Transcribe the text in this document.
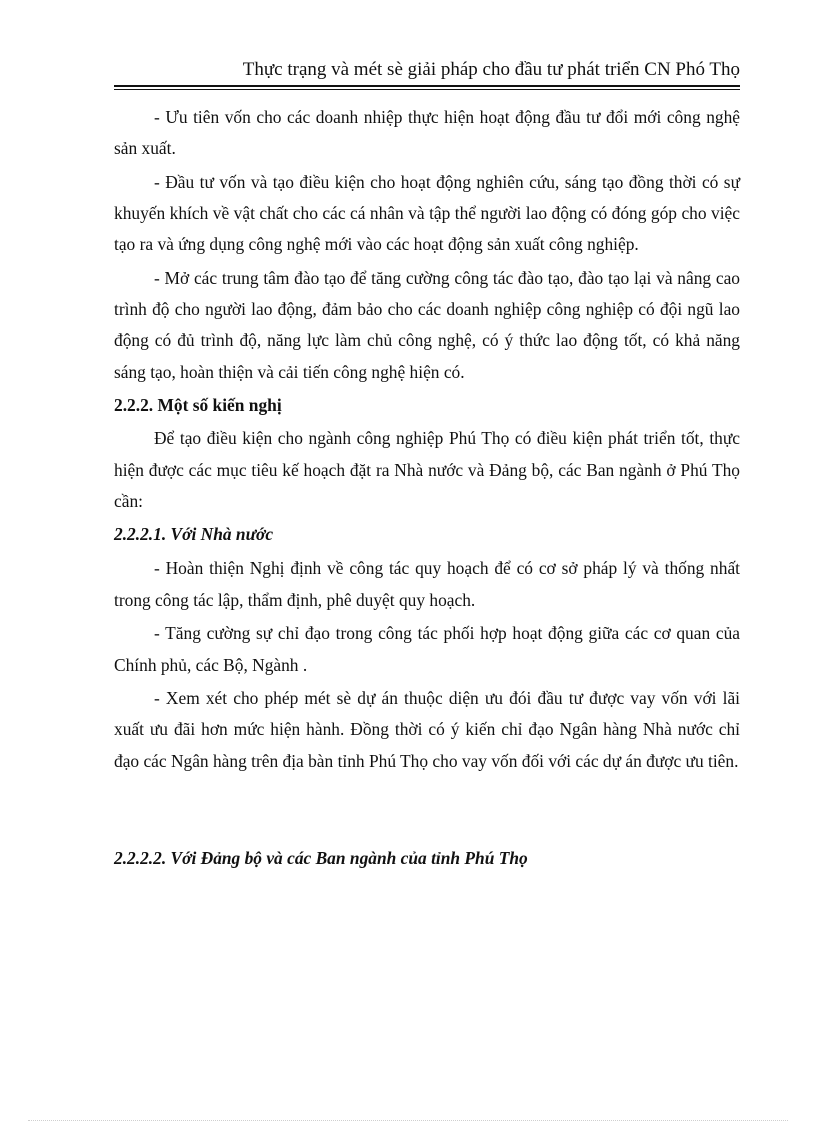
Thực trạng và mét sè giải pháp cho đầu tư phát triển CN Phó Thọ

- Ưu tiên vốn cho các doanh nhiệp thực hiện hoạt động đầu tư đổi mới công nghệ sản xuất.

- Đầu tư vốn và tạo điều kiện cho hoạt động nghiên cứu, sáng tạo đồng thời có sự khuyến khích về vật chất cho các cá nhân và tập thể người lao động có đóng góp cho việc tạo ra và ứng dụng công nghệ mới vào các hoạt động sản xuất công nghiệp.

- Mở các trung tâm đào tạo để tăng cường công tác đào tạo, đào tạo lại và nâng cao trình độ cho người lao động, đảm bảo cho các doanh nghiệp công nghiệp có đội ngũ lao động có đủ trình độ, năng lực làm chủ công nghệ, có ý thức lao động tốt, có khả năng sáng tạo, hoàn thiện và cải tiến công nghệ hiện có.

2.2.2. Một số kiến nghị

Để tạo điều kiện cho ngành công nghiệp Phú Thọ có điều kiện phát triển tốt, thực hiện được các mục tiêu kế hoạch đặt ra Nhà nước và Đảng bộ, các Ban ngành ở Phú Thọ cần:

2.2.2.1. Với Nhà nước

- Hoàn thiện Nghị định về công tác quy hoạch để có cơ sở pháp lý và thống nhất trong công tác lập, thẩm định, phê duyệt quy hoạch.

- Tăng cường sự chỉ đạo trong công tác phối hợp hoạt động giữa các cơ quan của Chính phủ, các Bộ, Ngành .

- Xem xét cho phép mét sè dự án thuộc diện ưu đói đầu tư được vay vốn với lãi xuất ưu đãi hơn mức hiện hành. Đồng thời có ý kiến chỉ đạo Ngân hàng Nhà nước chỉ đạo các Ngân hàng trên địa bàn tỉnh Phú Thọ cho vay vốn đối với các dự án được ưu tiên.

2.2.2.2. Với Đảng bộ và các Ban ngành của tỉnh Phú Thọ
